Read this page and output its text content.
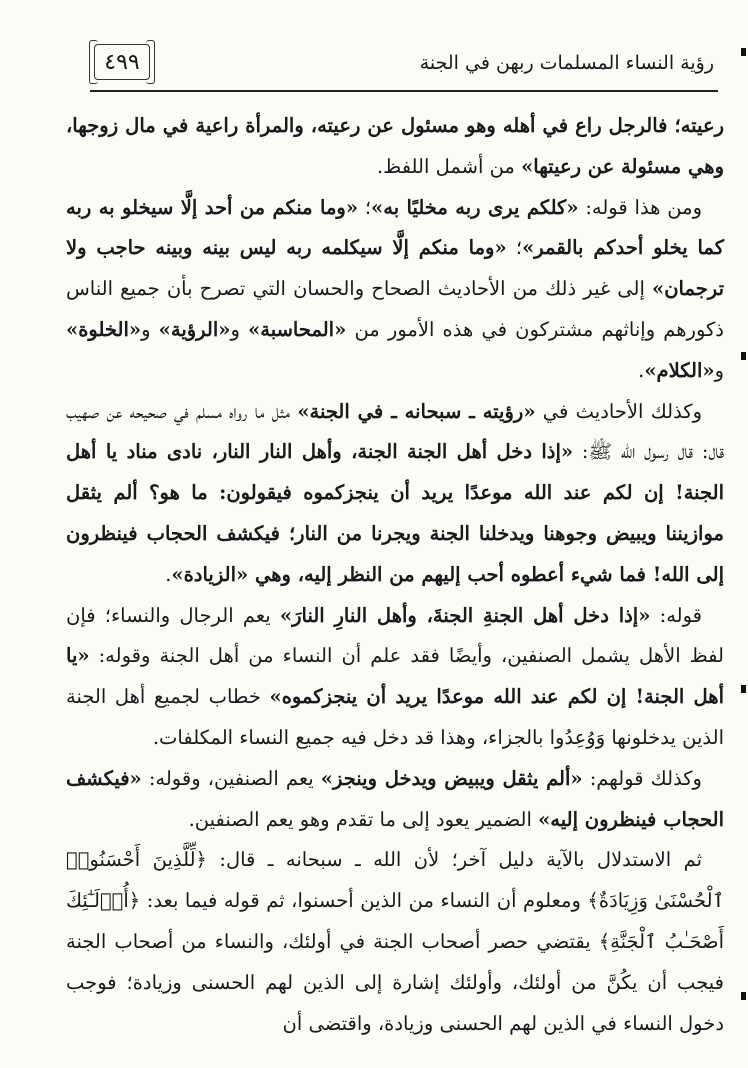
٤٩٩	رؤية النساء المسلمات ربهن في الجنة

رعيته؛ فالرجل راع في أهله وهو مسئول عن رعيته، والمرأة راعية في مال زوجها، وهي مسئولة عن رعيتها» من أشمل اللفظ.

ومن هذا قوله: «كلكم يرى ربه مخليًا به»؛ «وما منكم من أحد إلَّا سيخلو به ربه كما يخلو أحدكم بالقمر»؛ «وما منكم إلَّا سيكلمه ربه ليس بينه وبينه حاجب ولا ترجمان» إلى غير ذلك من الأحاديث الصحاح والحسان التي تصرح بأن جميع الناس ذكورهم وإناثهم مشتركون في هذه الأمور من «المحاسبة» و«الرؤية» و«الخلوة» و«الكلام».

وكذلك الأحاديث في «رؤيته ـ سبحانه ـ في الجنة» مثل ما رواه مسلم في صحيحه عن صهيب قال: قال رسول الله ﷺ: «إذا دخل أهل الجنة الجنة، وأهل النار النار، نادى مناد يا أهل الجنة! إن لكم عند الله موعدًا يريد أن ينجزكموه فيقولون: ما هو؟ ألم يثقل موازيننا ويبيض وجوهنا ويدخلنا الجنة ويجرنا من النار؛ فيكشف الحجاب فينظرون إلى الله! فما شيء أعطوه أحب إليهم من النظر إليه، وهي «الزيادة».

قوله: «إذا دخل أهل الجنةِ الجنةَ، وأهل النارِ النارَ» يعم الرجال والنساء؛ فإن لفظ الأهل يشمل الصنفين، وأيضًا فقد علم أن النساء من أهل الجنة وقوله: «يا أهل الجنة! إن لكم عند الله موعدًا يريد أن ينجزكموه» خطاب لجميع أهل الجنة الذين يدخلونها وَوُعِدُوا بالجزاء، وهذا قد دخل فيه جميع النساء المكلفات.

وكذلك قولهم: «ألم يثقل ويبيض ويدخل وينجز» يعم الصنفين، وقوله: «فيكشف الحجاب فينظرون إليه» الضمير يعود إلى ما تقدم وهو يعم الصنفين.

ثم الاستدلال بالآية دليل آخر؛ لأن الله ـ سبحانه ـ قال: ﴿لِّلَّذِينَ أَحْسَنُوا۟ ٱلْحُسْنَىٰ وَزِيَادَةٌ﴾ ومعلوم أن النساء من الذين أحسنوا، ثم قوله فيما بعد: ﴿أُو۟لَـٰٓئِكَ أَصْحَـٰبُ ٱلْجَنَّةِ﴾ يقتضي حصر أصحاب الجنة في أولئك، والنساء من أصحاب الجنة فيجب أن يكُنَّ من أولئك، وأولئك إشارة إلى الذين لهم الحسنى وزيادة؛ فوجب دخول النساء في الذين لهم الحسنى وزيادة، واقتضى أن
